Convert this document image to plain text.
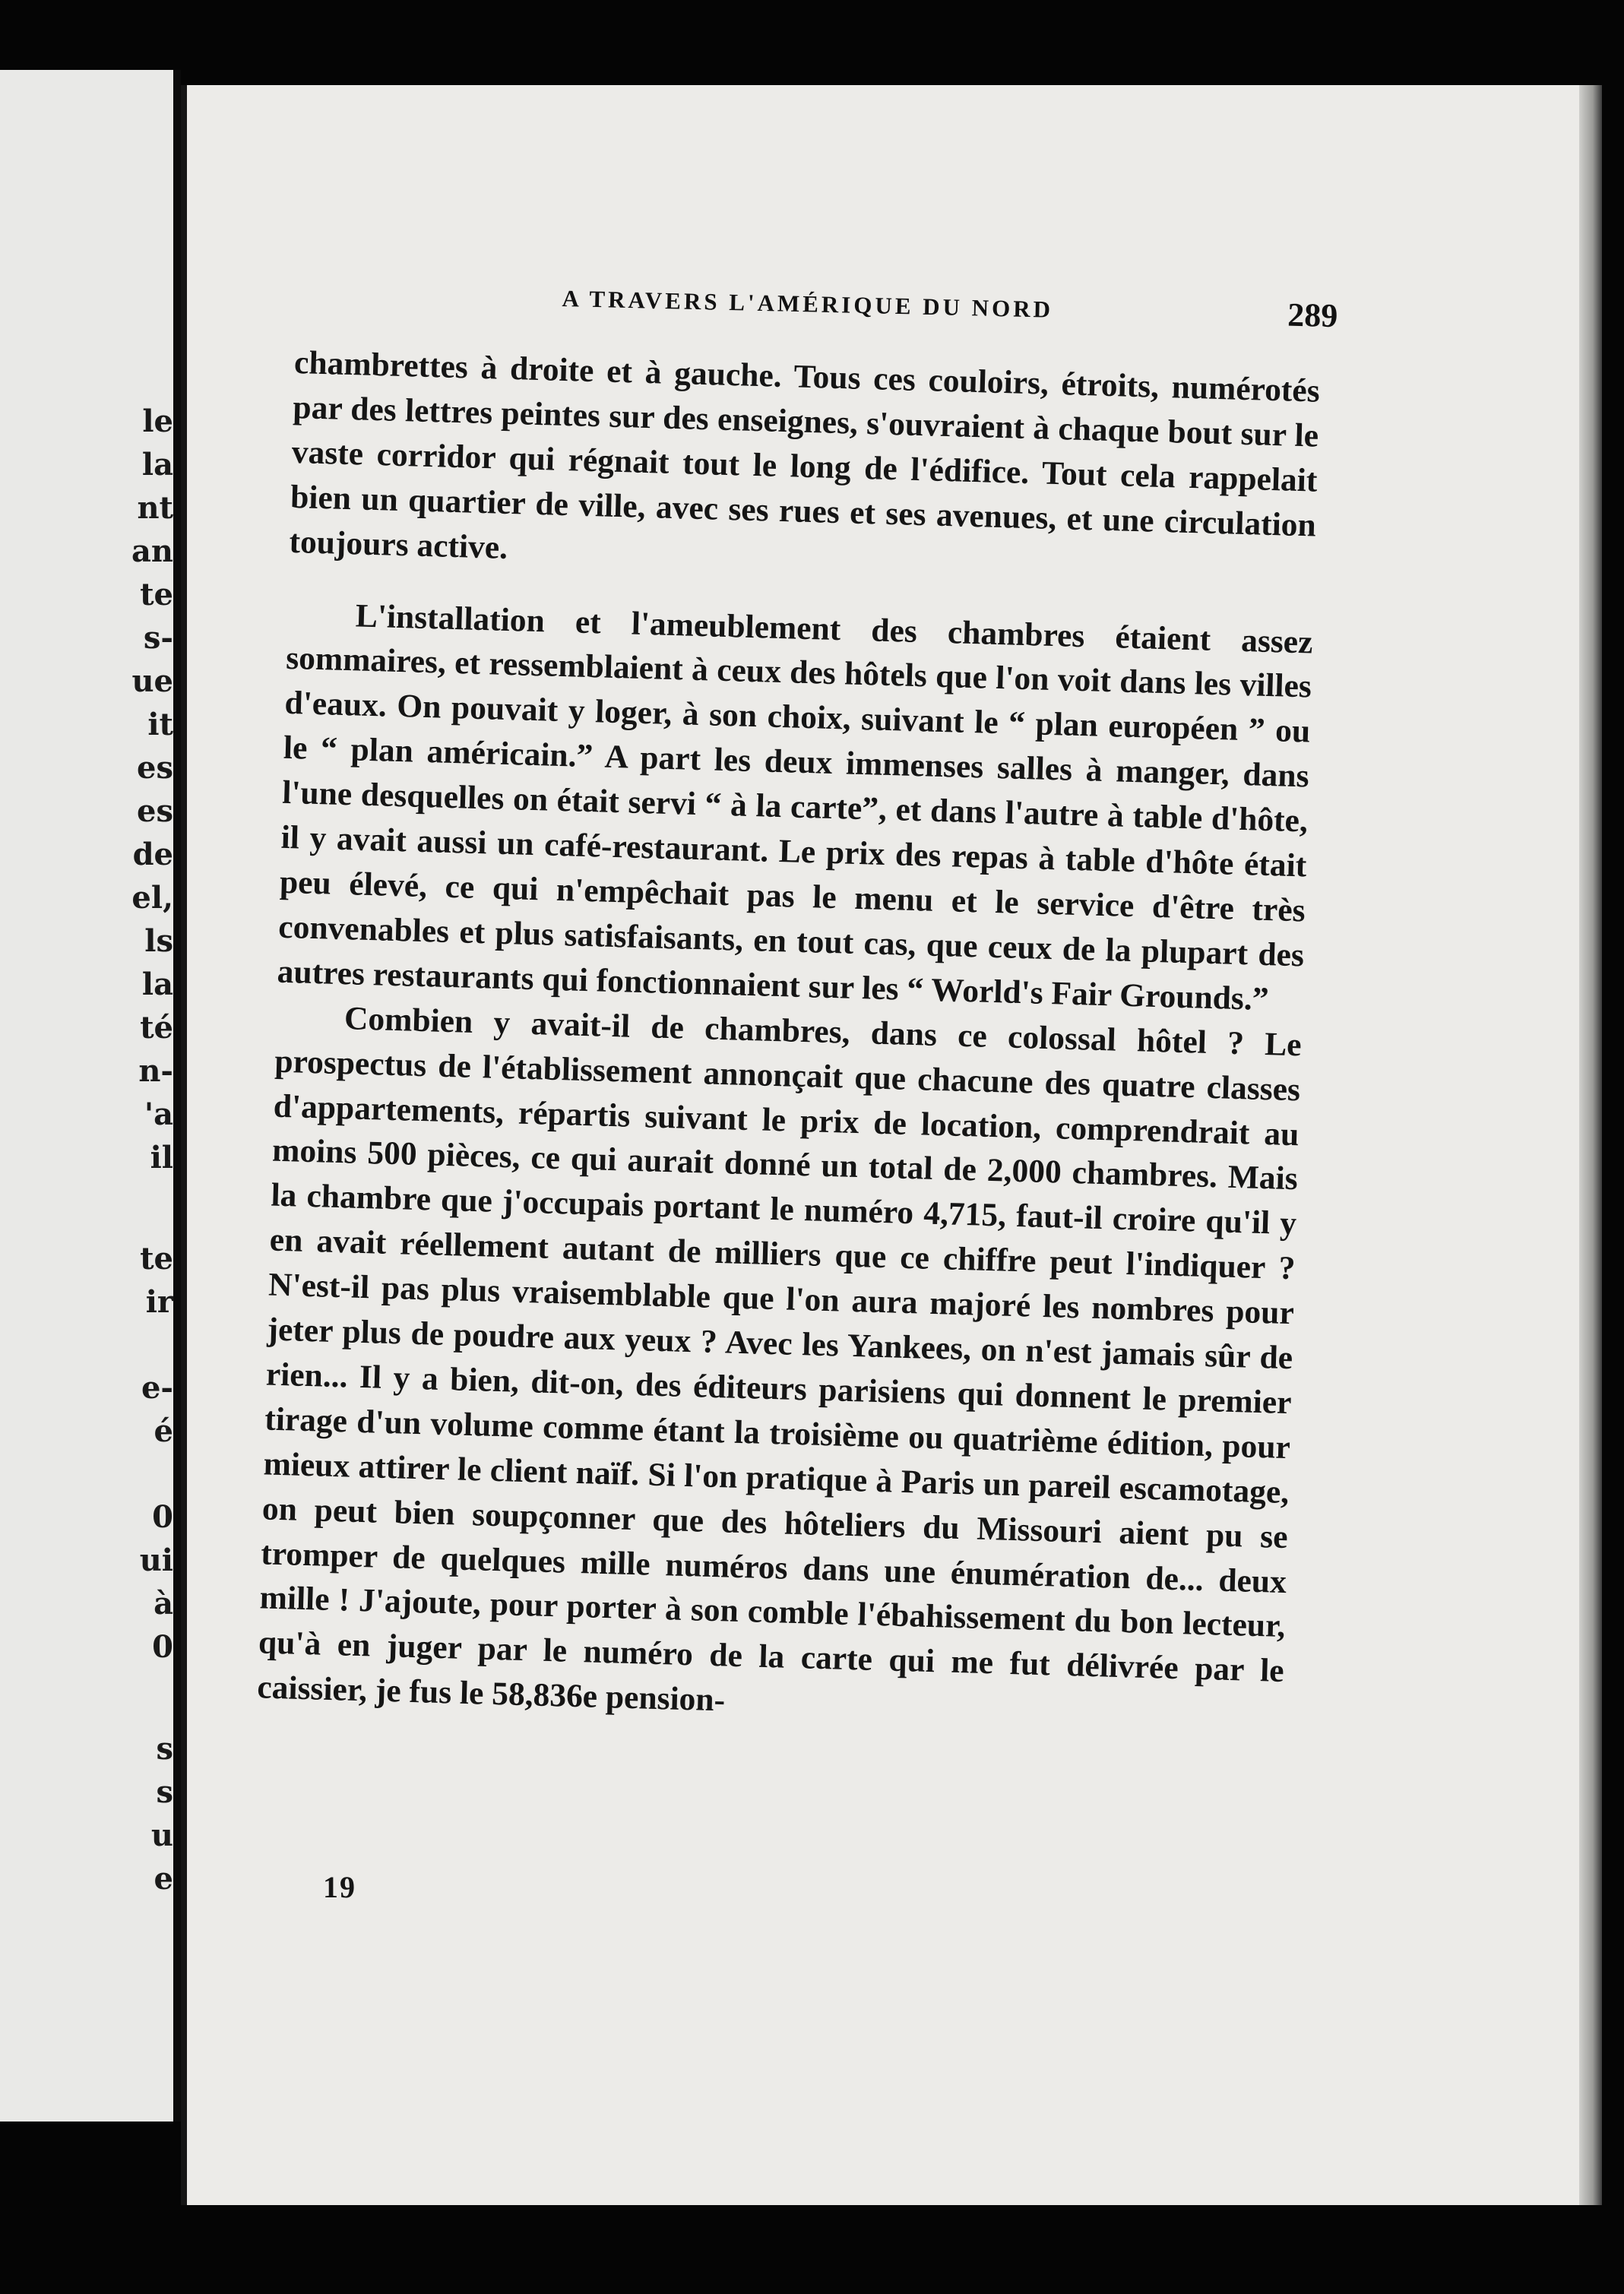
le
la
nt
an
te
s-
ue
it
es
es
de
el,
ls
la
té
n-
'a
il
te
ir
e-
é
0
ui
à
0
s
s
u
e
A TRAVERS L'AMÉRIQUE DU NORD	289

chambrettes à droite et à gauche. Tous ces couloirs, étroits, numérotés par des lettres peintes sur des enseignes, s'ouvraient à chaque bout sur le vaste corridor qui régnait tout le long de l'édifice. Tout cela rappelait bien un quartier de ville, avec ses rues et ses avenues, et une circulation toujours active.

L'installation et l'ameublement des chambres étaient assez sommaires, et ressemblaient à ceux des hôtels que l'on voit dans les villes d'eaux. On pouvait y loger, à son choix, suivant le “ plan européen ” ou le “ plan américain.” A part les deux immenses salles à manger, dans l'une desquelles on était servi “ à la carte”, et dans l'autre à table d'hôte, il y avait aussi un café-restaurant. Le prix des repas à table d'hôte était peu élevé, ce qui n'empêchait pas le menu et le service d'être très convenables et plus satisfaisants, en tout cas, que ceux de la plupart des autres restaurants qui fonctionnaient sur les “ World's Fair Grounds.”

Combien y avait-il de chambres, dans ce colossal hôtel ? Le prospectus de l'établissement annonçait que chacune des quatre classes d'appartements, répartis suivant le prix de location, comprendrait au moins 500 pièces, ce qui aurait donné un total de 2,000 chambres. Mais la chambre que j'occupais portant le numéro 4,715, faut-il croire qu'il y en avait réellement autant de milliers que ce chiffre peut l'indiquer ? N'est-il pas plus vraisemblable que l'on aura majoré les nombres pour jeter plus de poudre aux yeux ? Avec les Yankees, on n'est jamais sûr de rien... Il y a bien, dit-on, des éditeurs parisiens qui donnent le premier tirage d'un volume comme étant la troisième ou quatrième édition, pour mieux attirer le client naïf. Si l'on pratique à Paris un pareil escamotage, on peut bien soupçonner que des hôteliers du Missouri aient pu se tromper de quelques mille numéros dans une énumération de... deux mille ! J'ajoute, pour porter à son comble l'ébahissement du bon lecteur, qu'à en juger par le numéro de la carte qui me fut délivrée par le caissier, je fus le 58,836e pension-

19
